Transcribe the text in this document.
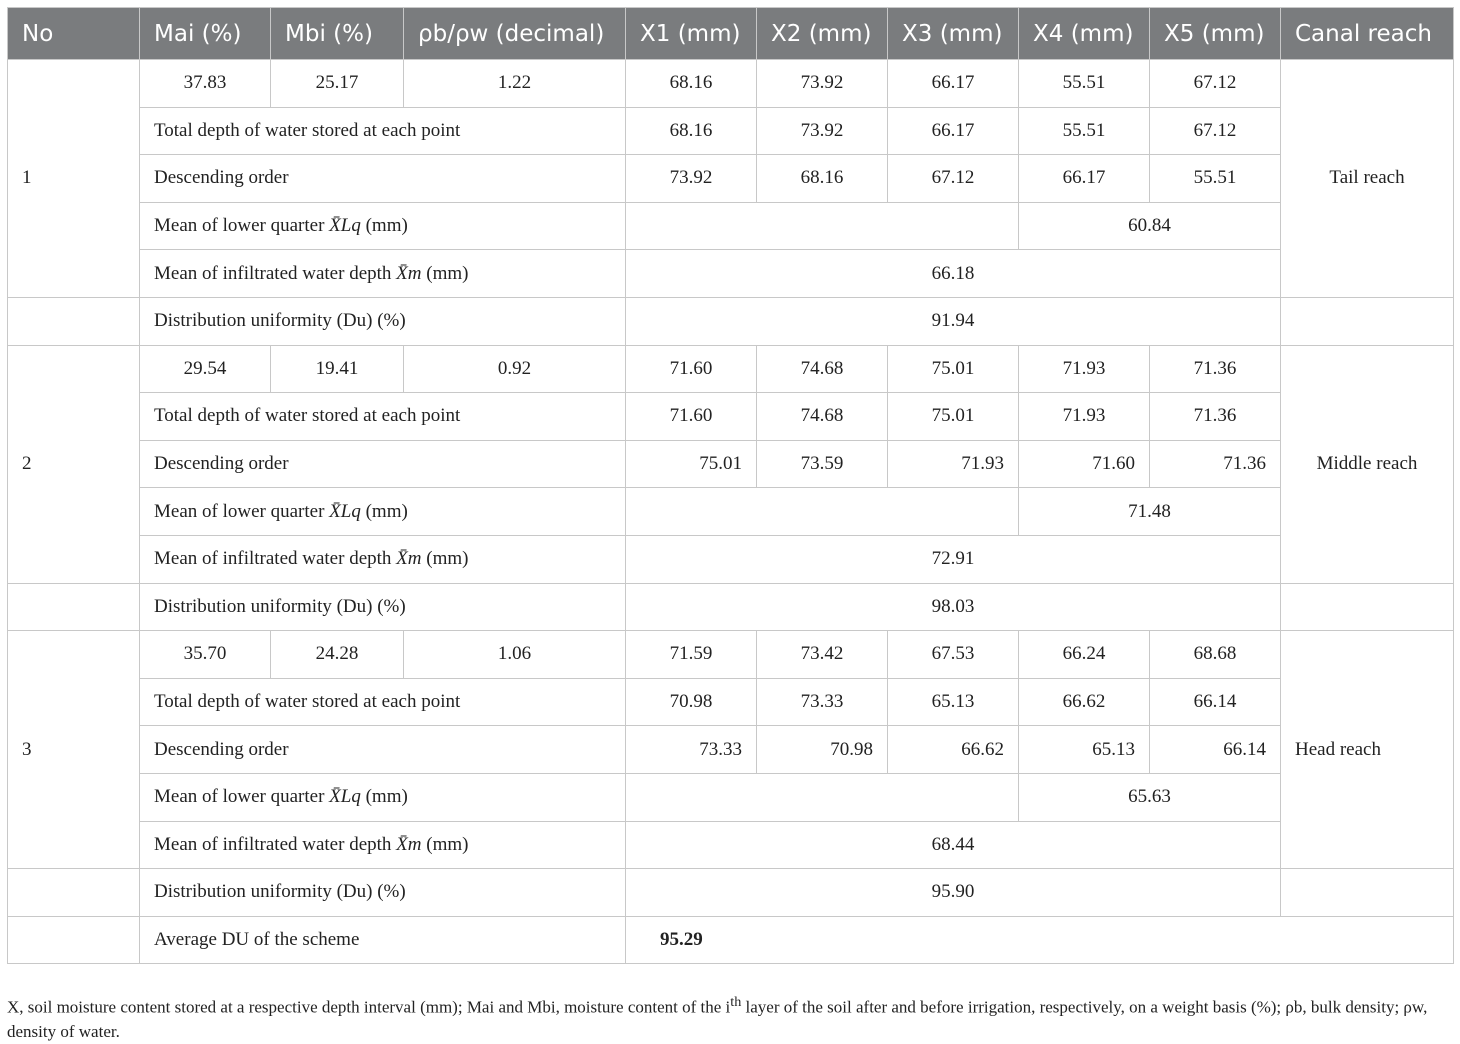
No	Mai (%)	Mbi (%)	ρb/ρw (decimal)	X1 (mm)	X2 (mm)	X3 (mm)	X4 (mm)	X5 (mm)	Canal reach
1	37.83	25.17	1.22	68.16	73.92	66.17	55.51	67.12	Tail reach
	Total depth of water stored at each point			68.16	73.92	66.17	55.51	67.12	
	Descending order			73.92	68.16	67.12	66.17	55.51	
	Mean of lower quarter X̄Lq (mm)						60.84		
	Mean of infiltrated water depth X̄m (mm)			66.18					
	Distribution uniformity (Du) (%)			91.94					
2	29.54	19.41	0.92	71.60	74.68	75.01	71.93	71.36	Middle reach
	Total depth of water stored at each point			71.60	74.68	75.01	71.93	71.36	
	Descending order			75.01	73.59	71.93	71.60	71.36	
	Mean of lower quarter X̄Lq (mm)						71.48		
	Mean of infiltrated water depth X̄m (mm)			72.91					
	Distribution uniformity (Du) (%)			98.03					
3	35.70	24.28	1.06	71.59	73.42	67.53	66.24	68.68	Head reach
	Total depth of water stored at each point			70.98	73.33	65.13	66.62	66.14	
	Descending order			73.33	70.98	66.62	65.13	66.14	
	Mean of lower quarter X̄Lq (mm)						65.63		
	Mean of infiltrated water depth X̄m (mm)			68.44					
	Distribution uniformity (Du) (%)			95.90					
	Average DU of the scheme			95.29					
X, soil moisture content stored at a respective depth interval (mm); Mai and Mbi, moisture content of the $i^{th}$ layer of the soil after and before irrigation, respectively, on a weight basis (%); ρb, bulk density; ρw, density of water.
